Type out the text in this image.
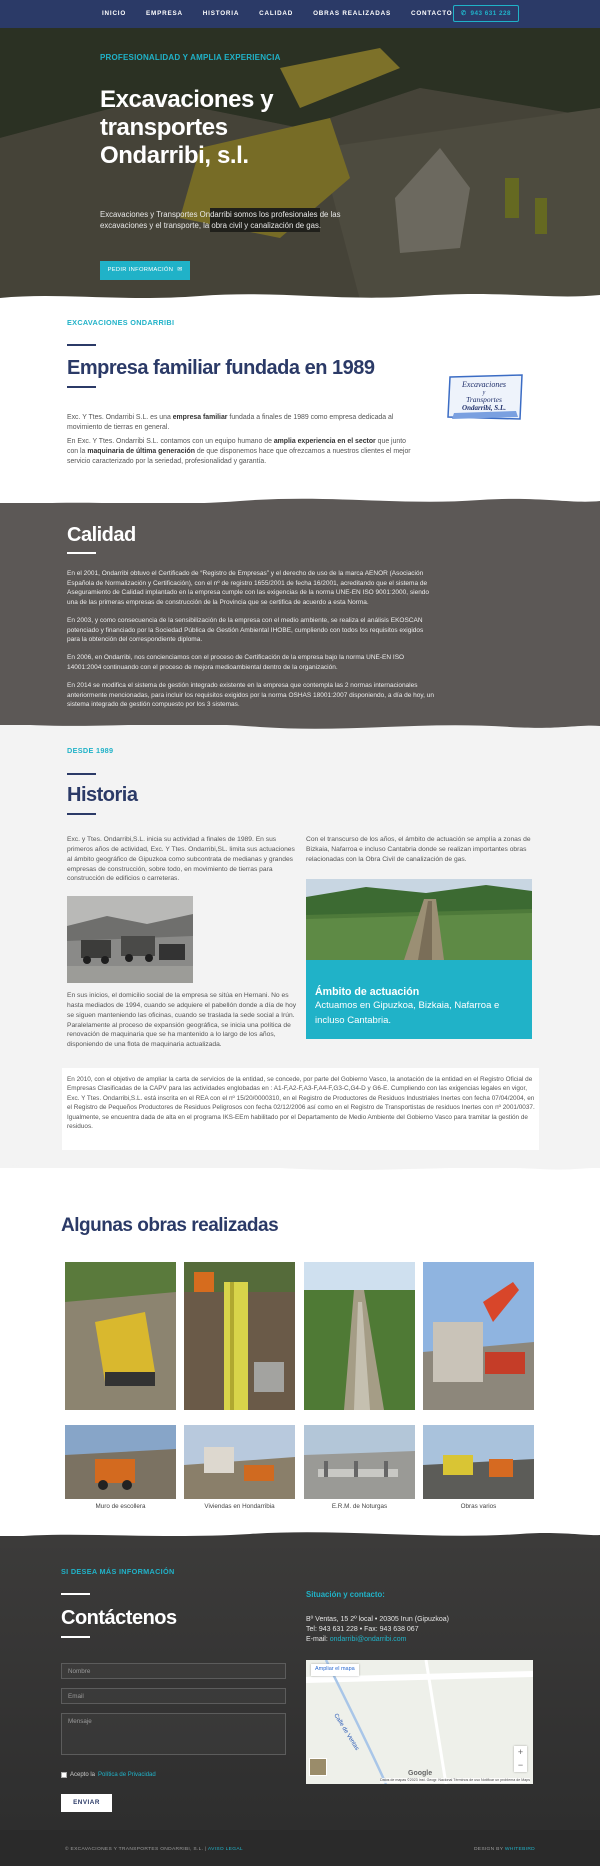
INICIO	EMPRESA	HISTORIA	CALIDAD	OBRAS REALIZADAS	CONTACTO ✆ 943 631 228
PROFESIONALIDAD Y AMPLIA EXPERIENCIA
Excavaciones y transportes Ondarribi, s.l.
Excavaciones y Transportes Ondarribi somos los profesionales de las excavaciones y el transporte, la obra civil y canalización de gas.
PEDIR INFORMACIÓN ✉
EXCAVACIONES ONDARRIBI
Empresa familiar fundada en 1989
Excavaciones
y
Transportes
Ondarribi, S.L.
Exc. Y Ttes. Ondarribi S.L. es una empresa familiar fundada a finales de 1989 como empresa dedicada al movimiento de tierras en general.
En Exc. Y Ttes. Ondarribi S.L. contamos con un equipo humano de amplia experiencia en el sector que junto con la maquinaria de última generación de que disponemos hace que ofrezcamos a nuestros clientes el mejor servicio caracterizado por la seriedad, profesionalidad y garantía.
Calidad
En el 2001, Ondarribi obtuvo el Certificado de “Registro de Empresas” y el derecho de uso de la marca AENOR (Asociación Española de Normalización y Certificación), con el nº de registro 1655/2001 de fecha 16/2001, acreditando que el sistema de Aseguramiento de Calidad implantado en la empresa cumple con las exigencias de la norma UNE-EN ISO 9001:2000, siendo una de las primeras empresas de construcción de la Provincia que se certifica de acuerdo a esta Norma.
En 2003, y como consecuencia de la sensibilización de la empresa con el medio ambiente, se realiza el análisis EKOSCAN potenciado y financiado por la Sociedad Pública de Gestión Ambiental IHOBE, cumpliendo con todos los requisitos exigidos para la obtención del correspondiente diploma.
En 2006, en Ondarribi, nos concienciamos con el proceso de Certificación de la empresa bajo la norma UNE-EN ISO 14001:2004 continuando con el proceso de mejora medioambiental dentro de la organización.
En 2014 se modifica el sistema de gestión integrado existente en la empresa que contempla las 2 normas internacionales anteriormente mencionadas, para incluir los requisitos exigidos por la norma OSHAS 18001:2007 disponiendo, a día de hoy, un sistema integrado de gestión compuesto por los 3 sistemas.
DESDE 1989
Historia
Exc. y Ttes. Ondarribi,S.L. inicia su actividad a finales de 1989. En sus primeros años de actividad, Exc. Y Ttes. Ondarribi,SL. limita sus actuaciones al ámbito geográfico de Gipuzkoa como subcontrata de medianas y grandes empresas de construcción, sobre todo, en movimiento de tierras para construcción de edificios o carreteras.
Con el transcurso de los años, el ámbito de actuación se amplía a zonas de Bizkaia, Nafarroa e incluso Cantabria donde se realizan importantes obras relacionadas con la Obra Civil de canalización de gas.
En sus inicios, el domicilio social de la empresa se sitúa en Hernani. No es hasta mediados de 1994, cuando se adquiere el pabellón donde a día de hoy se siguen manteniendo las oficinas, cuando se traslada la sede social a Irún. Paralelamente al proceso de expansión geográfica, se inicia una política de renovación de maquinaria que se ha mantenido a lo largo de los años, disponiendo de una flota de maquinaria actualizada.
Ámbito de actuación
Actuamos en Gipuzkoa, Bizkaia, Nafarroa e incluso Cantabria.
En 2010, con el objetivo de ampliar la carta de servicios de la entidad, se concede, por parte del Gobierno Vasco, la anotación de la entidad en el Registro Oficial de Empresas Clasificadas de la CAPV para las actividades englobadas en : A1-F,A2-F,A3-F,A4-F,G3-C,G4-D y G6-E. Cumpliendo con las exigencias legales en vigor, Exc. Y Ttes. Ondarribi,S.L. está inscrita en el REA con el nº 15/20/0000310, en el Registro de Productores de Residuos Industriales Inertes con fecha 07/04/2004, en el Registro de Pequeños Productores de Residuos Peligrosos con fecha 02/12/2006 así como en el Registro de Transportistas de residuos Inertes con nº 2001/0037. Igualmente, se encuentra dada de alta en el programa IKS-EEm habilitado por el Departamento de Medio Ambiente del Gobierno Vasco para tramitar la gestión de residuos.
Algunas obras realizadas
Muro de escollera	Viviendas en Hondarribia	E.R.M. de Noturgas	Obras varios
SI DESEA MÁS INFORMACIÓN
Contáctenos
Nombre
Email
Mensaje
Acepto la Política de Privacidad
ENVIAR
Situación y contacto:
Bº Ventas, 15 2º local • 20305 Irun (Gipuzkoa)
Tel: 943 631 228 • Fax: 943 638 067
E-mail: ondarribi@ondarribi.com
Calle de Ventas
Ampliar el mapa
+
−
Google
Datos de mapas ©2023 Inst. Geogr. Nacional Términos de uso Notificar un problema de Maps
© EXCAVACIONES Y TRANSPORTES ONDARRIBI, S.L. | AVISO LEGAL	DESIGN BY WHITEBIRD
